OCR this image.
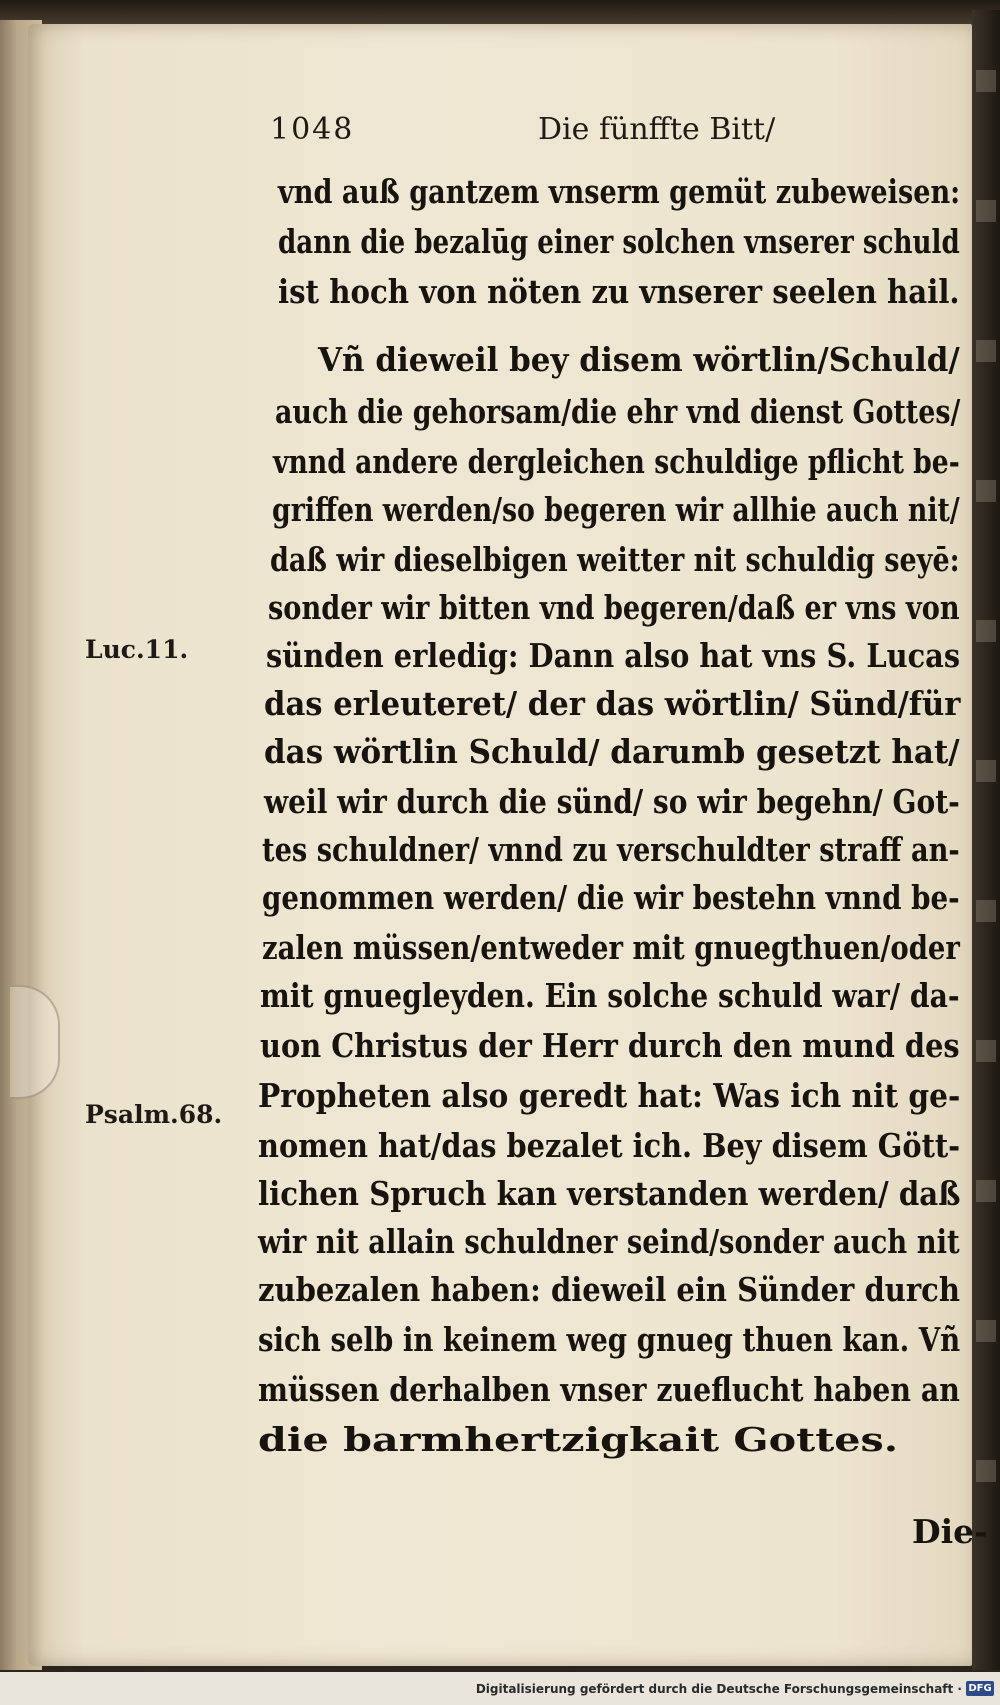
1048	Die fünffte Bitt/
Luc.11.
Psalm.68.
vnd auß gantzem vnserm gemüt zubeweisen:
dann die bezalūg einer solchen vnserer schuld
ist hoch von nöten zu vnserer seelen hail.
Vñ dieweil bey disem wörtlin/Schuld/
auch die gehorsam/die ehr vnd dienst Gottes/
vnnd andere dergleichen schuldige pflicht be-
griffen werden/so begeren wir allhie auch nit/
daß wir dieselbigen weitter nit schuldig seyē:
sonder wir bitten vnd begeren/daß er vns von
sünden erledig: Dann also hat vns S. Lucas
das erleuteret/ der das wörtlin/ Sünd/für
das wörtlin Schuld/ darumb gesetzt hat/
weil wir durch die sünd/ so wir begehn/ Got-
tes schuldner/ vnnd zu verschuldter straff an-
genommen werden/ die wir bestehn vnnd be-
zalen müssen/entweder mit gnuegthuen/oder
mit gnuegleyden. Ein solche schuld war/ da-
uon Christus der Herr durch den mund des
Propheten also geredt hat: Was ich nit ge-
nomen hat/das bezalet ich. Bey disem Gött-
lichen Spruch kan verstanden werden/ daß
wir nit allain schuldner seind/sonder auch nit
zubezalen haben: dieweil ein Sünder durch
sich selb in keinem weg gnueg thuen kan. Vñ
müssen derhalben vnser zueflucht haben an
die barmhertzigkait Gottes.
Die-
Digitalisierung gefördert durch die Deutsche Forschungsgemeinschaft · DFG
